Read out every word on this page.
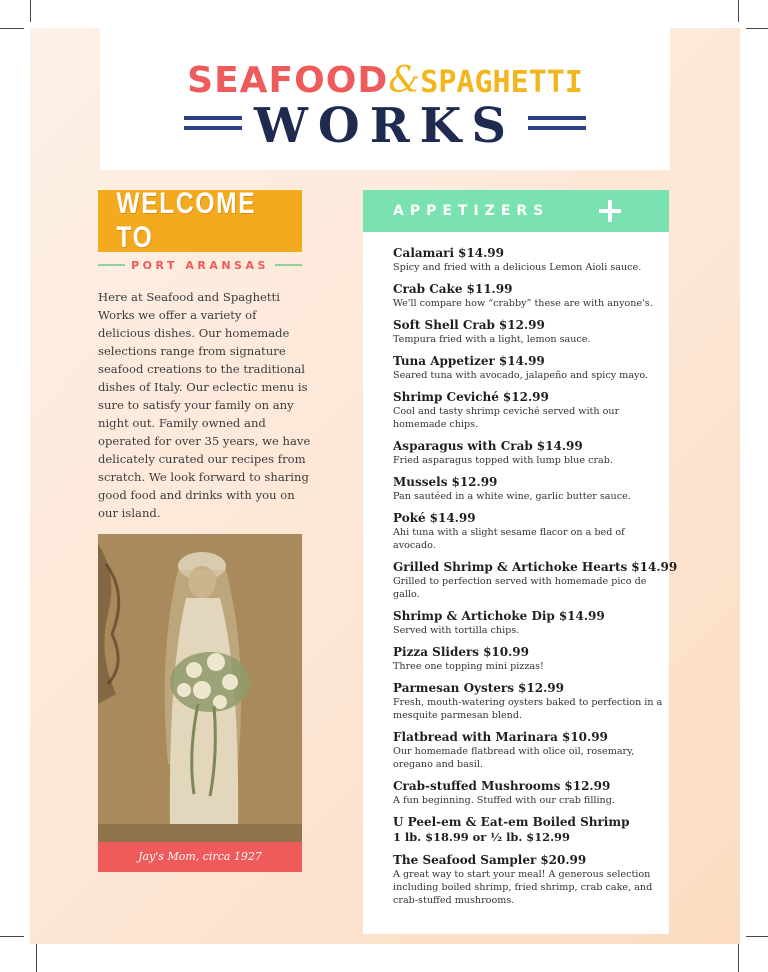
SEAFOOD&SPAGHETTI
WORKS
WELCOME TO
PORT ARANSAS
Here at Seafood and Spaghetti Works we offer a variety of delicious dishes. Our homemade selections range from signature seafood creations to the traditional dishes of Italy. Our eclectic menu is sure to satisfy your family on any night out. Family owned and operated for over 35 years, we have delicately curated our recipes from scratch. We look forward to sharing good food and drinks with you on our island.
Jay's Mom, circa 1927
APPETIZERS
Calamari $14.99
Spicy and fried with a delicious Lemon Aioli sauce.
Crab Cake $11.99
We'll compare how “crabby” these are with anyone's.
Soft Shell Crab $12.99
Tempura fried with a light, lemon sauce.
Tuna Appetizer $14.99
Seared tuna with avocado, jalapeño and spicy mayo.
Shrimp Ceviché $12.99
Cool and tasty shrimp ceviché served with our homemade chips.
Asparagus with Crab $14.99
Fried asparagus topped with lump blue crab.
Mussels $12.99
Pan sautéed in a white wine, garlic butter sauce.
Poké $14.99
Ahi tuna with a slight sesame flacor on a bed of avocado.
Grilled Shrimp & Artichoke Hearts $14.99
Grilled to perfection served with homemade pico de gallo.
Shrimp & Artichoke Dip $14.99
Served with tortilla chips.
Pizza Sliders $10.99
Three one topping mini pizzas!
Parmesan Oysters $12.99
Fresh, mouth-watering oysters baked to perfection in a mesquite parmesan blend.
Flatbread with Marinara $10.99
Our homemade flatbread with olice oil, rosemary, oregano and basil.
Crab-stuffed Mushrooms $12.99
A fun beginning. Stuffed with our crab filling.
U Peel-em & Eat-em Boiled Shrimp
1 lb. $18.99 or ½ lb. $12.99
The Seafood Sampler $20.99
A great way to start your meal! A generous selection including boiled shrimp, fried shrimp, crab cake, and crab-stuffed mushrooms.
